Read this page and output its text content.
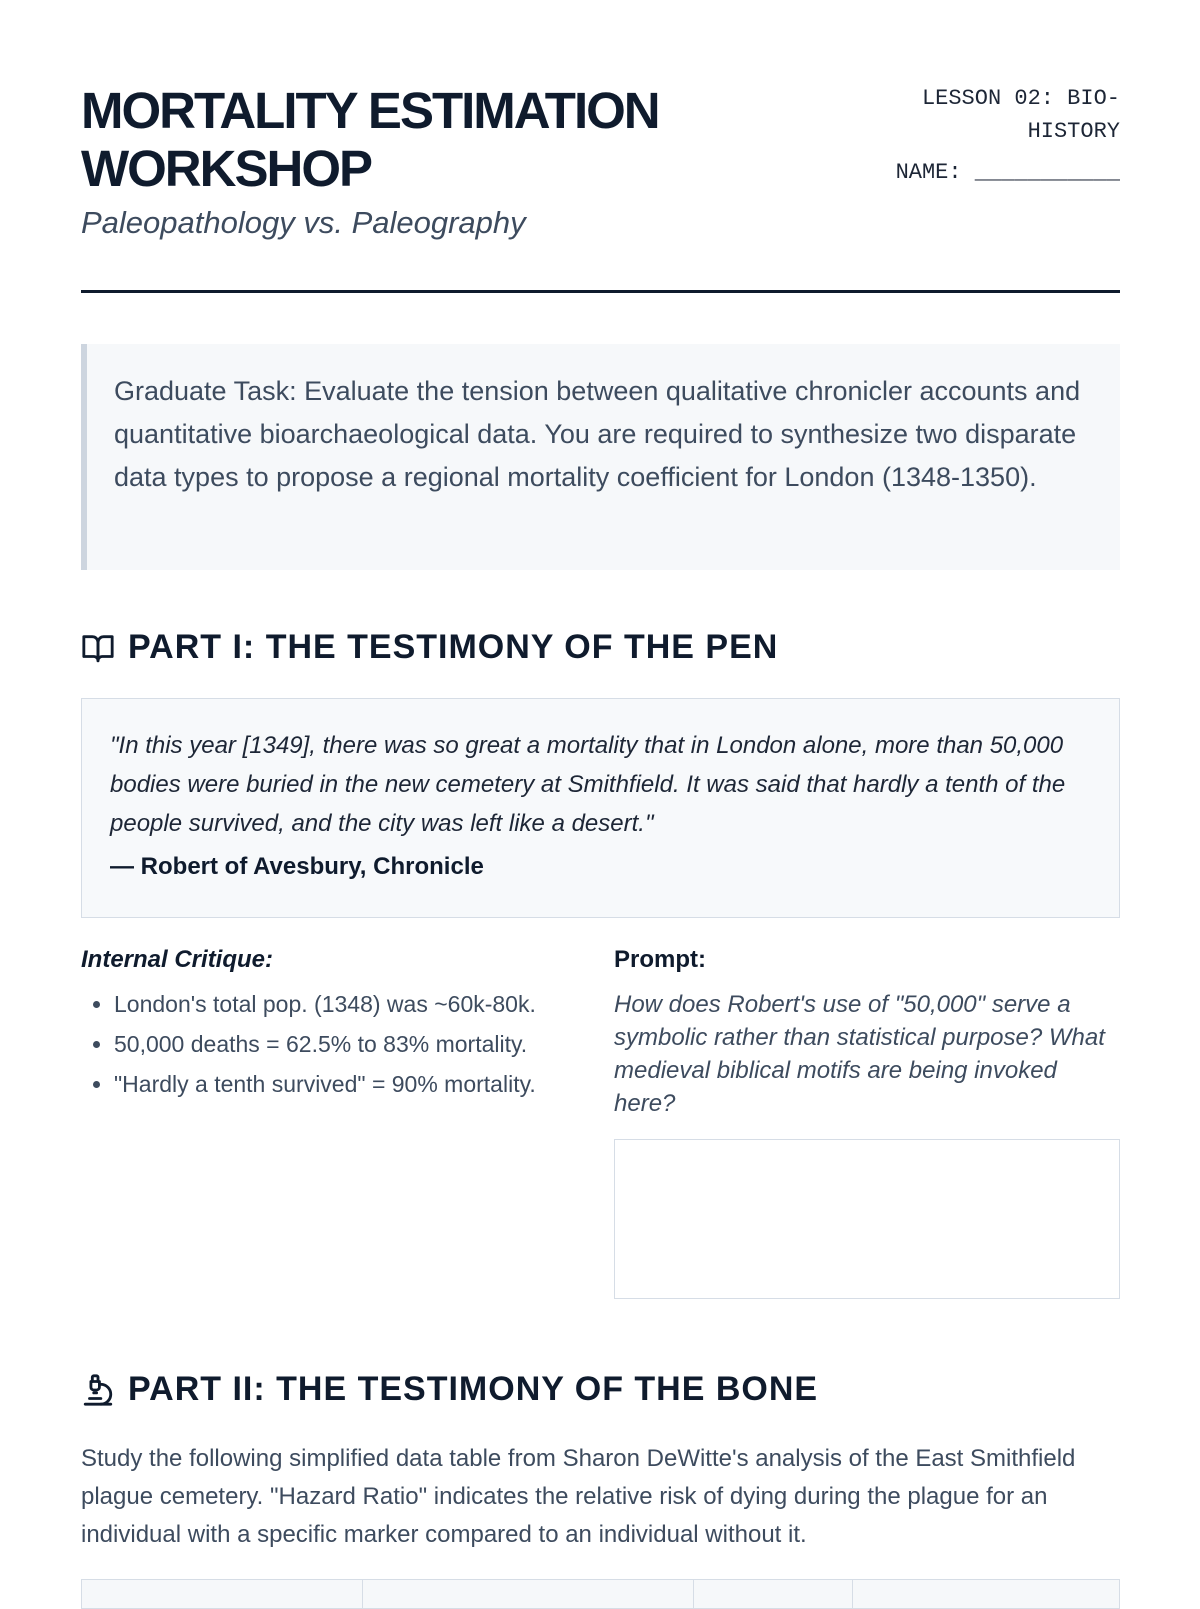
MORTALITY ESTIMATION WORKSHOP
Paleopathology vs. Paleography
LESSON 02: BIO-HISTORY
NAME: ___________
Graduate Task: Evaluate the tension between qualitative chronicler accounts and quantitative bioarchaeological data. You are required to synthesize two disparate data types to propose a regional mortality coefficient for London (1348-1350).
PART I: THE TESTIMONY OF THE PEN

"In this year [1349], there was so great a mortality that in London alone, more than 50,000 bodies were buried in the new cemetery at Smithfield. It was said that hardly a tenth of the people survived, and the city was left like a desert."

— Robert of Avesbury, Chronicle
Internal Critique:
• London's total pop. (1348) was ~60k-80k.
• 50,000 deaths = 62.5% to 83% mortality.
• "Hardly a tenth survived" = 90% mortality.
Prompt:
How does Robert's use of "50,000" serve a symbolic rather than statistical purpose? What medieval biblical motifs are being invoked here?
PART II: THE TESTIMONY OF THE BONE
Study the following simplified data table from Sharon DeWitte's analysis of the East Smithfield plague cemetery. "Hazard Ratio" indicates the relative risk of dying during the plague for an individual with a specific marker compared to an individual without it.
